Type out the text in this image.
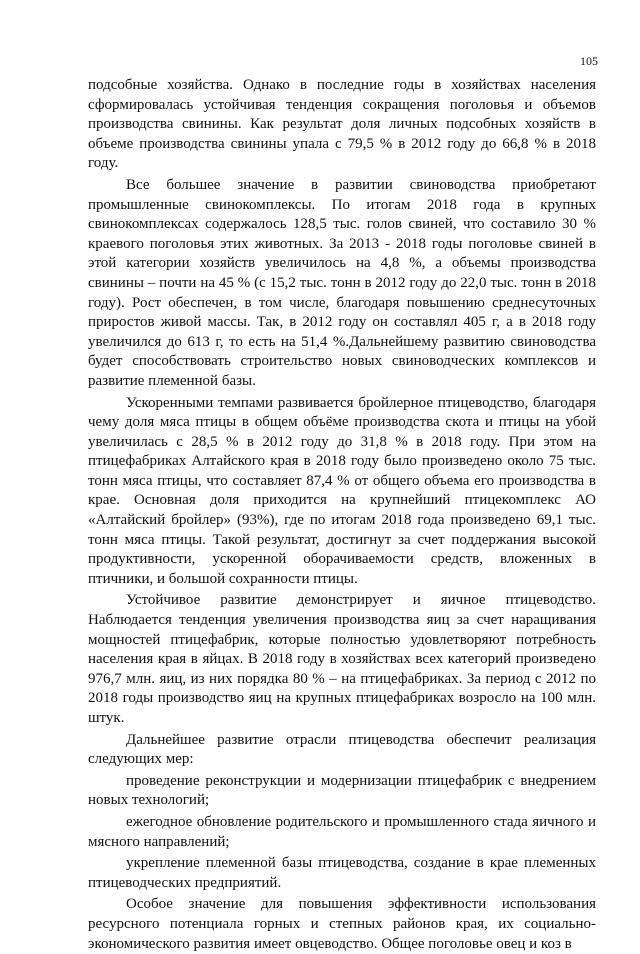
105

подсобные хозяйства. Однако в последние годы в хозяйствах населения сформировалась устойчивая тенденция сокращения поголовья и объемов производства свинины. Как результат доля личных подсобных хозяйств в объеме производства свинины упала с 79,5 % в 2012 году до 66,8 % в 2018 году.

Все большее значение в развитии свиноводства приобретают промышленные свинокомплексы. По итогам 2018 года в крупных свинокомплексах содержалось 128,5 тыс. голов свиней, что составило 30 % краевого поголовья этих животных. За 2013 - 2018 годы поголовье свиней в этой категории хозяйств увеличилось на 4,8 %, а объемы производства свинины – почти на 45 % (с 15,2 тыс. тонн в 2012 году до 22,0 тыс. тонн в 2018 году). Рост обеспечен, в том числе, благодаря повышению среднесуточных приростов живой массы. Так, в 2012 году он составлял 405 г, а в 2018 году увеличился до 613 г, то есть на 51,4 %.Дальнейшему развитию свиноводства будет способствовать строительство новых свиноводческих комплексов и развитие племенной базы.

Ускоренными темпами развивается бройлерное птицеводство, благодаря чему доля мяса птицы в общем объёме производства скота и птицы на убой увеличилась с 28,5 % в 2012 году до 31,8 % в 2018 году. При этом на птицефабриках Алтайского края в 2018 году было произведено около 75 тыс. тонн мяса птицы, что составляет 87,4 % от общего объема его производства в крае. Основная доля приходится на крупнейший птицекомплекс АО «Алтайский бройлер» (93%), где по итогам 2018 года произведено 69,1 тыс. тонн мяса птицы. Такой результат, достигнут за счет поддержания высокой продуктивности, ускоренной оборачиваемости средств, вложенных в птичники, и большой сохранности птицы.

Устойчивое развитие демонстрирует и яичное птицеводство. Наблюдается тенденция увеличения производства яиц за счет наращивания мощностей птицефабрик, которые полностью удовлетворяют потребность населения края в яйцах. В 2018 году в хозяйствах всех категорий произведено 976,7 млн. яиц, из них порядка 80 % – на птицефабриках. За период с 2012 по 2018 годы производство яиц на крупных птицефабриках возросло на 100 млн. штук.

Дальнейшее развитие отрасли птицеводства обеспечит реализация следующих мер:

проведение реконструкции и модернизации птицефабрик с внедрением новых технологий;

ежегодное обновление родительского и промышленного стада яичного и мясного направлений;

укрепление племенной базы птицеводства, создание в крае племенных птицеводческих предприятий.

Особое значение для повышения эффективности использования ресурсного потенциала горных и степных районов края, их социально-экономического развития имеет овцеводство. Общее поголовье овец и коз в
